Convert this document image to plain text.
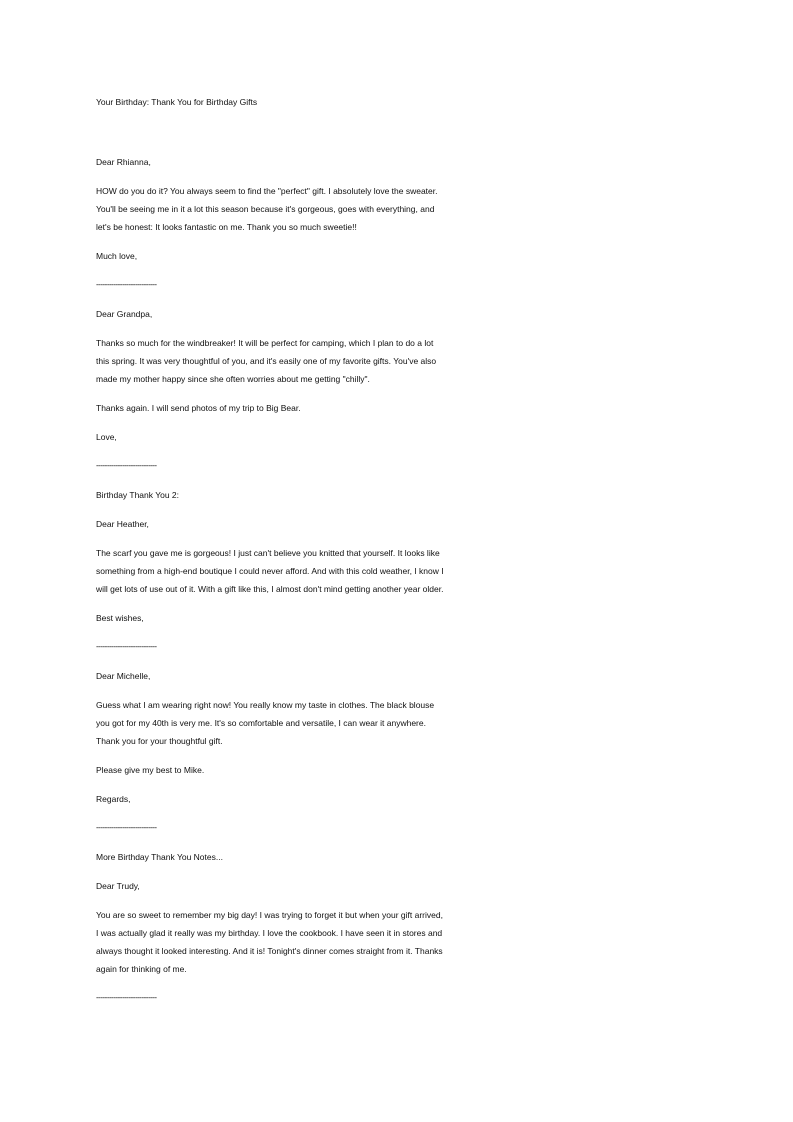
Your Birthday: Thank You for Birthday Gifts
Dear Rhianna,
HOW do you do it? You always seem to find the "perfect" gift. I absolutely love the sweater.
You'll be seeing me in it a lot this season because it's gorgeous, goes with everything, and
let's be honest: It looks fantastic on me. Thank you so much sweetie!!
Much love,
----------------------------
Dear Grandpa,
Thanks so much for the windbreaker! It will be perfect for camping, which I plan to do a lot
this spring. It was very thoughtful of you, and it's easily one of my favorite gifts. You've also
made my mother happy since she often worries about me getting "chilly".
Thanks again. I will send photos of my trip to Big Bear.
Love,
----------------------------
Birthday Thank You 2:
Dear Heather,
The scarf you gave me is gorgeous! I just can't believe you knitted that yourself. It looks like
something from a high-end boutique I could never afford. And with this cold weather, I know I
will get lots of use out of it. With a gift like this, I almost don't mind getting another year older.
Best wishes,
----------------------------
Dear Michelle,
Guess what I am wearing right now! You really know my taste in clothes. The black blouse
you got for my 40th is very me. It's so comfortable and versatile, I can wear it anywhere.
Thank you for your thoughtful gift.
Please give my best to Mike.
Regards,
----------------------------
More Birthday Thank You Notes...
Dear Trudy,
You are so sweet to remember my big day! I was trying to forget it but when your gift arrived,
I was actually glad it really was my birthday. I love the cookbook. I have seen it in stores and
always thought it looked interesting. And it is! Tonight's dinner comes straight from it. Thanks
again for thinking of me.
----------------------------
